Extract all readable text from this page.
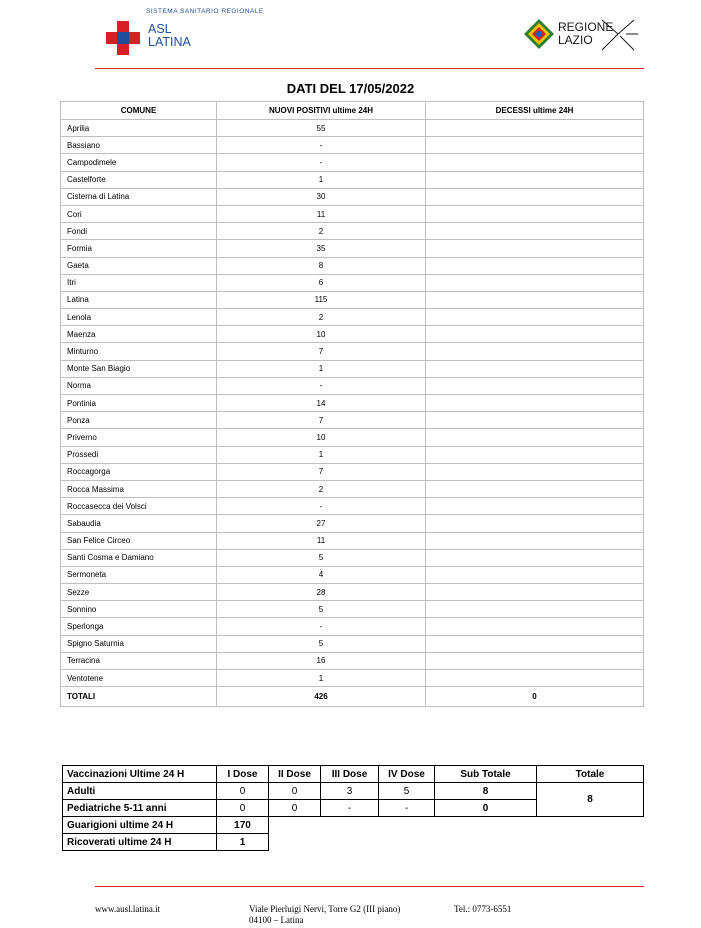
SISTEMA SANITARIO REGIONALE
ASL
LATINA
REGIONE
LAZIO
DATI DEL 17/05/2022
COMUNE	NUOVI POSITIVI ultime 24H	DECESSI ultime 24H
Aprilia	55	
Bassiano	-	
Campodimele	-	
Castelforte	1	
Cisterna di Latina	30	
Cori	11	
Fondi	2	
Formia	35	
Gaeta	8	
Itri	6	
Latina	115	
Lenola	2	
Maenza	10	
Minturno	7	
Monte San Biagio	1	
Norma	-	
Pontinia	14	
Ponza	7	
Priverno	10	
Prossedi	1	
Roccagorga	7	
Rocca Massima	2	
Roccasecca dei Volsci	-	
Sabaudia	27	
San Felice Circeo	11	
Santi Cosma e Damiano	5	
Sermoneta	4	
Sezze	28	
Sonnino	5	
Sperlonga	-	
Spigno Saturnia	5	
Terracina	16	
Ventotene	1	
TOTALI	426	0
Vaccinazioni Ultime 24 H	I Dose	II Dose	III Dose	IV Dose	Sub Totale	Totale
Adulti	0	0	3	5	8	8
Pediatriche 5-11 anni	0	0	-	-	0	
Guarigioni ultime 24 H	170					
Ricoverati ultime 24 H	1					
www.ausl.latina.it	Viale Pierluigi Nervi, Torre G2 (III piano)
04100 – Latina
Tel.: 0773-6551
